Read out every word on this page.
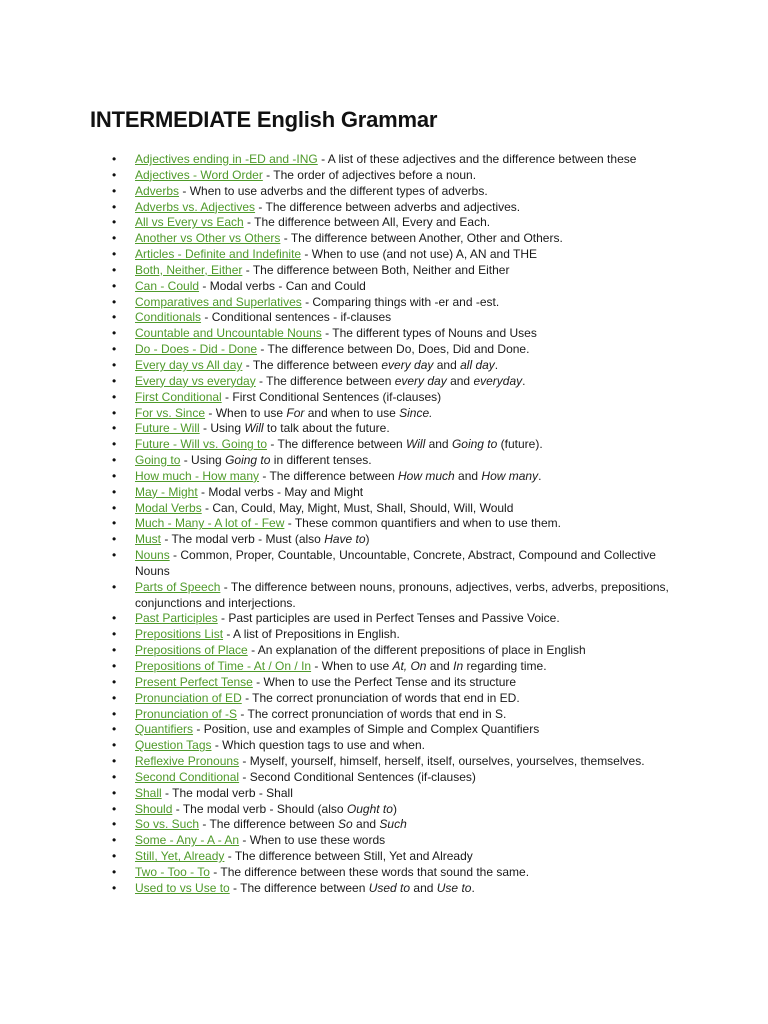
INTERMEDIATE English Grammar
• Adjectives ending in -ED and -ING - A list of these adjectives and the difference between these
• Adjectives - Word Order - The order of adjectives before a noun.
• Adverbs - When to use adverbs and the different types of adverbs.
• Adverbs vs. Adjectives - The difference between adverbs and adjectives.
• All vs Every vs Each - The difference between All, Every and Each.
• Another vs Other vs Others - The difference between Another, Other and Others.
• Articles - Definite and Indefinite - When to use (and not use) A, AN and THE
• Both, Neither, Either - The difference between Both, Neither and Either
• Can - Could - Modal verbs - Can and Could
• Comparatives and Superlatives - Comparing things with -er and -est.
• Conditionals - Conditional sentences - if-clauses
• Countable and Uncountable Nouns - The different types of Nouns and Uses
• Do - Does - Did - Done - The difference between Do, Does, Did and Done.
• Every day vs All day - The difference between every day and all day.
• Every day vs everyday - The difference between every day and everyday.
• First Conditional - First Conditional Sentences (if-clauses)
• For vs. Since - When to use For and when to use Since.
• Future - Will - Using Will to talk about the future.
• Future - Will vs. Going to - The difference between Will and Going to (future).
• Going to - Using Going to in different tenses.
• How much - How many - The difference between How much and How many.
• May - Might - Modal verbs - May and Might
• Modal Verbs - Can, Could, May, Might, Must, Shall, Should, Will, Would
• Much - Many - A lot of - Few - These common quantifiers and when to use them.
• Must - The modal verb - Must (also Have to)
• Nouns - Common, Proper, Countable, Uncountable, Concrete, Abstract, Compound and Collective Nouns
• Parts of Speech - The difference between nouns, pronouns, adjectives, verbs, adverbs, prepositions, conjunctions and interjections.
• Past Participles - Past participles are used in Perfect Tenses and Passive Voice.
• Prepositions List - A list of Prepositions in English.
• Prepositions of Place - An explanation of the different prepositions of place in English
• Prepositions of Time - At / On / In - When to use At, On and In regarding time.
• Present Perfect Tense - When to use the Perfect Tense and its structure
• Pronunciation of ED - The correct pronunciation of words that end in ED.
• Pronunciation of -S - The correct pronunciation of words that end in S.
• Quantifiers - Position, use and examples of Simple and Complex Quantifiers
• Question Tags - Which question tags to use and when.
• Reflexive Pronouns - Myself, yourself, himself, herself, itself, ourselves, yourselves, themselves.
• Second Conditional - Second Conditional Sentences (if-clauses)
• Shall - The modal verb - Shall
• Should - The modal verb - Should (also Ought to)
• So vs. Such - The difference between So and Such
• Some - Any - A - An - When to use these words
• Still, Yet, Already - The difference between Still, Yet and Already
• Two - Too - To - The difference between these words that sound the same.
• Used to vs Use to - The difference between Used to and Use to.
